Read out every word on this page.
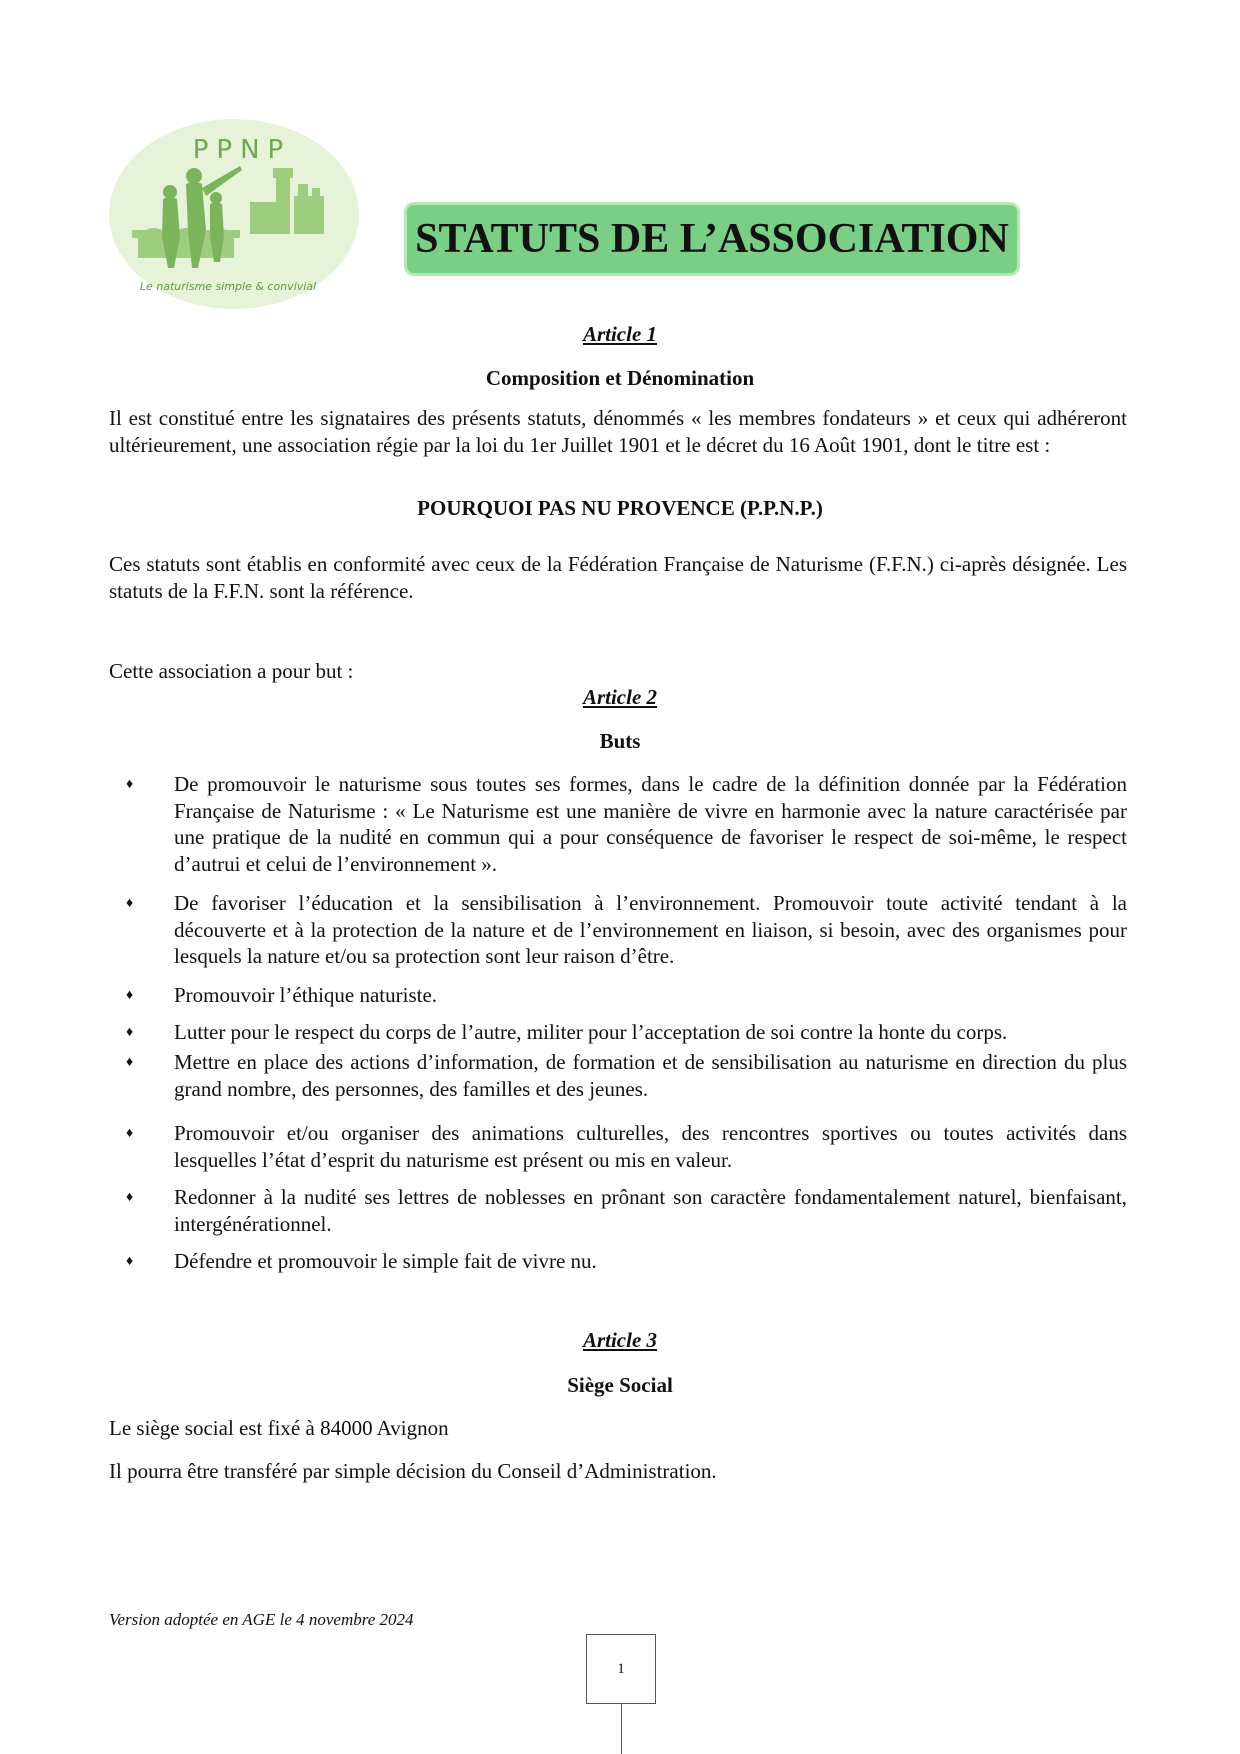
PPNP
Le naturisme simple & convivial
STATUTS DE L’ASSOCIATION
Article 1
Composition et Dénomination
Il est constitué entre les signataires des présents statuts, dénommés « les membres fondateurs » et ceux qui adhéreront ultérieurement, une association régie par la loi du 1er Juillet 1901 et le décret du 16 Août 1901, dont le titre est :
POURQUOI PAS NU PROVENCE (P.P.N.P.)
Ces statuts sont établis en conformité avec ceux de la Fédération Française de Naturisme (F.F.N.) ci-après désignée. Les statuts de la F.F.N. sont la référence.
Cette association a pour but :
Article 2
Buts
♦ De promouvoir le naturisme sous toutes ses formes, dans le cadre de la définition donnée par la Fédération Française de Naturisme : « Le Naturisme est une manière de vivre en harmonie avec la nature caractérisée par une pratique de la nudité en commun qui a pour conséquence de favoriser le respect de soi-même, le respect d’autrui et celui de l’environnement ».
♦ De favoriser l’éducation et la sensibilisation à l’environnement. Promouvoir toute activité tendant à la découverte et à la protection de la nature et de l’environnement en liaison, si besoin, avec des organismes pour lesquels la nature et/ou sa protection sont leur raison d’être.
♦ Promouvoir l’éthique naturiste.
♦ Lutter pour le respect du corps de l’autre, militer pour l’acceptation de soi contre la honte du corps.
♦ Mettre en place des actions d’information, de formation et de sensibilisation au naturisme en direction du plus grand nombre, des personnes, des familles et des jeunes.
♦ Promouvoir et/ou organiser des animations culturelles, des rencontres sportives ou toutes activités dans lesquelles l’état d’esprit du naturisme est présent ou mis en valeur.
♦ Redonner à la nudité ses lettres de noblesses en prônant son caractère fondamentalement naturel, bienfaisant, intergénérationnel.
♦ Défendre et promouvoir le simple fait de vivre nu.
Article 3
Siège Social
Le siège social est fixé à 84000 Avignon
Il pourra être transféré par simple décision du Conseil d’Administration.
Version adoptée en AGE le 4 novembre 2024
1
